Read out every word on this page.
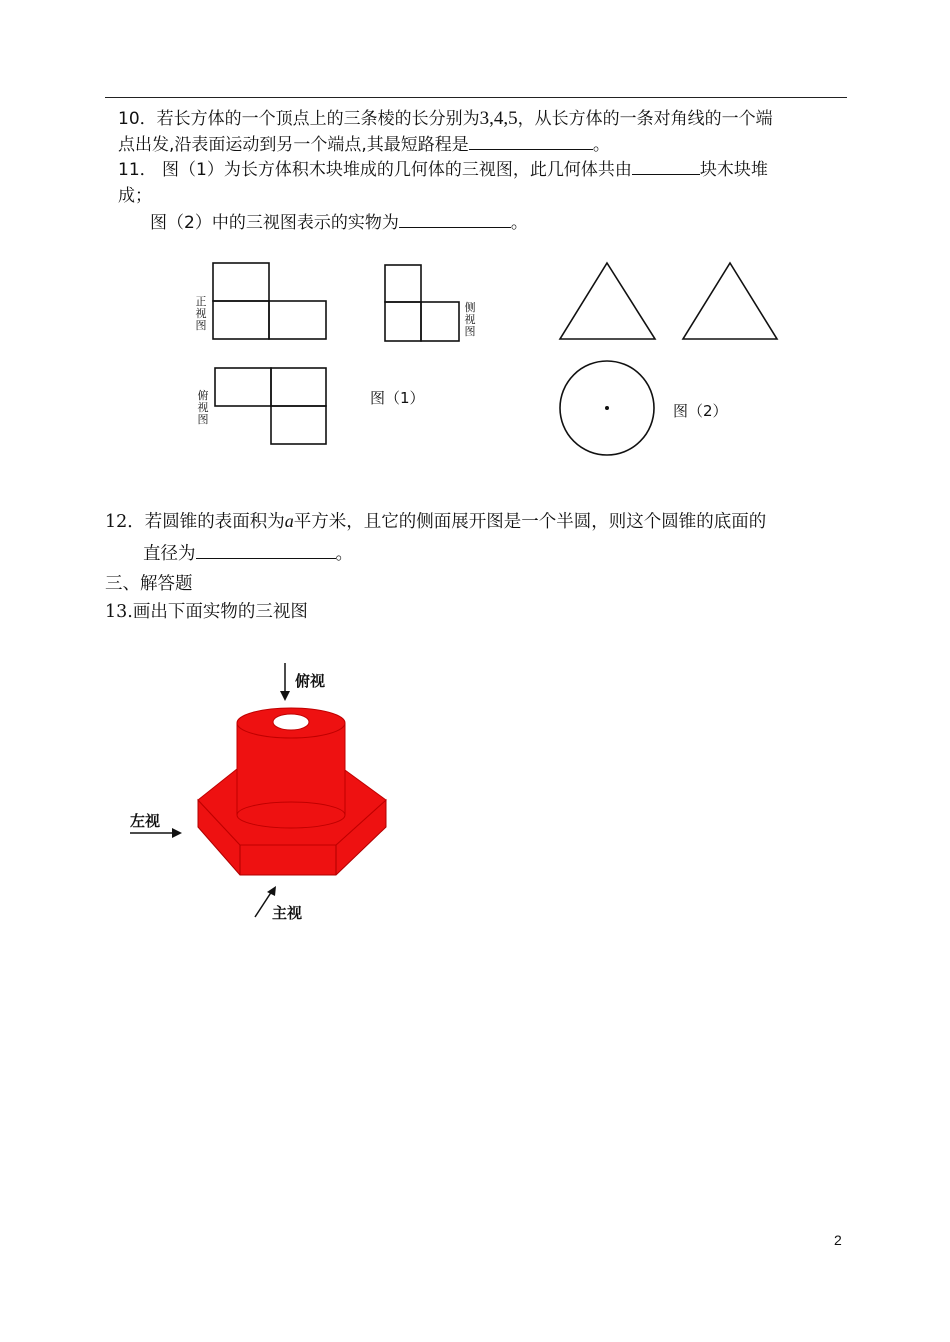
10．若长方体的一个顶点上的三条棱的长分别为3,4,5，从长方体的一条对角线的一个端
点出发,沿表面运动到另一个端点,其最短路程是	。
11． 图（1）为长方体积木块堆成的几何体的三视图，此几何体共由	块木块堆
成；
图（2）中的三视图表示的实物为	。
正
视
图
侧
视
图
俯
视
图
图（1）
图（2）
12．若圆锥的表面积为a平方米，且它的侧面展开图是一个半圆，则这个圆锥的底面的
直径为	。
三、解答题
13.画出下面实物的三视图
俯视
左视
主视
2
